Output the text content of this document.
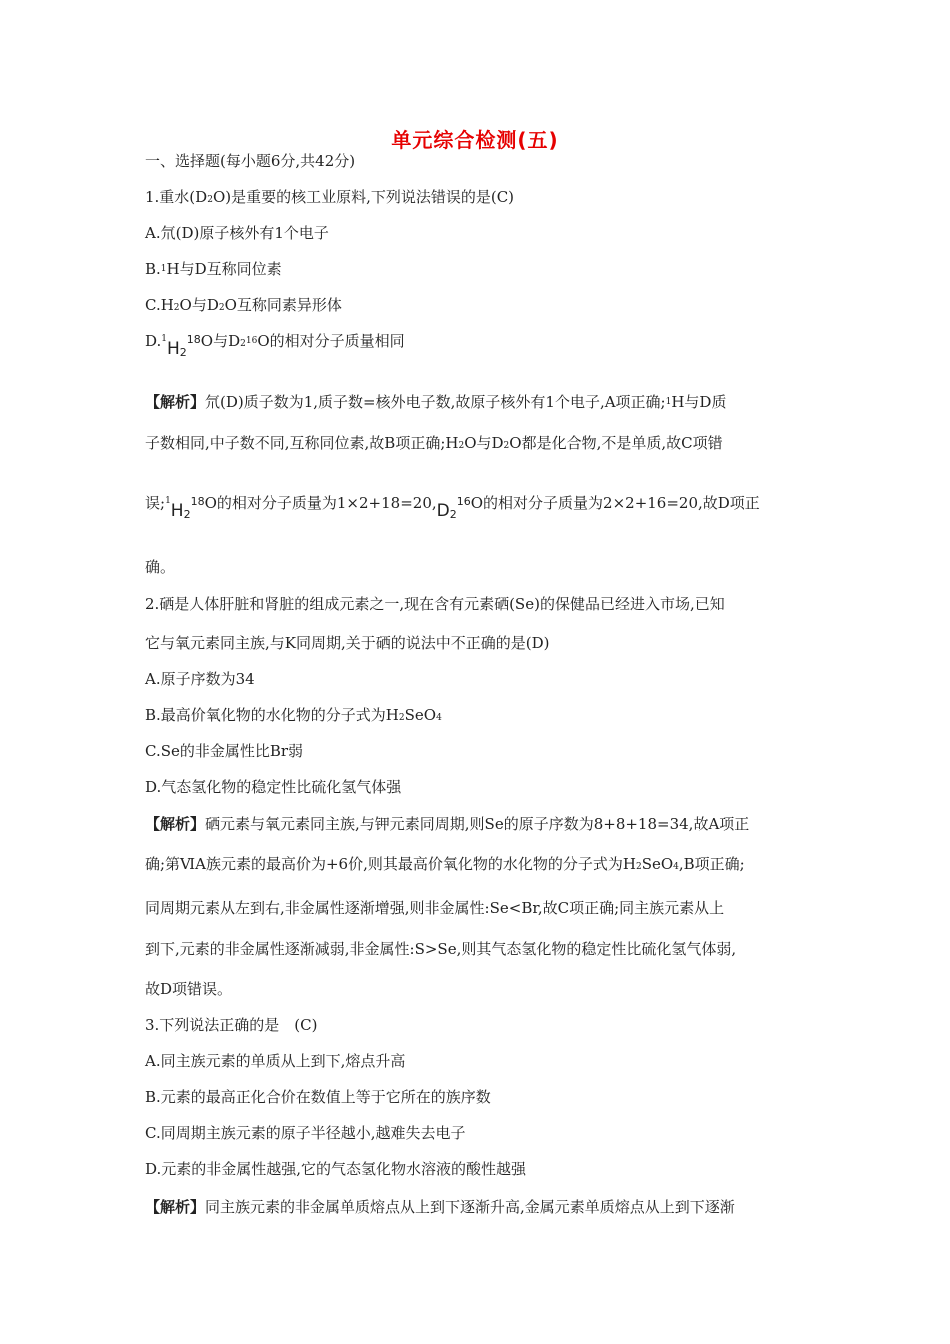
单元综合检测(五)
一、选择题(每小题6分,共42分)
1.重水(D2O)是重要的核工业原料,下列说法错误的是(C)
A.氘(D)原子核外有1个电子
B.$^1$H与D互称同位素
C.H2O与D2O互称同素异形体
$D.^1H_2^{18}O$与$D2^{16}O$的相对分子质量相同
【解析】氘(D)质子数为1,质子数=核外电子数,故原子核外有1个电子,A项正确;$^1$H与D质
子数相同,中子数不同,互称同位素,故B项正确;H2O与D2O都是化合物,不是单质,故C项错
误$;^1H_2^{18}O$的相对分子质量为$1\times 2+18=20,D_2^{16}O$的相对分子质量为2×2+16=20,故D项正
确。
2.硒是人体肝脏和肾脏的组成元素之一,现在含有元素硒(Se)的保健品已经进入市场,已知
它与氧元素同主族,与K同周期,关于硒的说法中不正确的是(D)
A.原子序数为34
B.最高价氧化物的水化物的分子式为H2SeO4
C.Se的非金属性比Br弱
D.气态氢化物的稳定性比硫化氢气体强
【解析】硒元素与氧元素同主族,与钾元素同周期,则Se的原子序数为8+8+18=34,故A项正
确;第ⅥA族元素的最高价为+6价,则其最高价氧化物的水化物的分子式为H2SeO4,B项正确;
同周期元素从左到右,非金属性逐渐增强,则非金属性:Se<Br,故C项正确;同主族元素从上
到下,元素的非金属性逐渐减弱,非金属性:S>Se,则其气态氢化物的稳定性比硫化氢气体弱,
故D项错误。
3.下列说法正确的是　(C)
A.同主族元素的单质从上到下,熔点升高
B.元素的最高正化合价在数值上等于它所在的族序数
C.同周期主族元素的原子半径越小,越难失去电子
D.元素的非金属性越强,它的气态氢化物水溶液的酸性越强
【解析】同主族元素的非金属单质熔点从上到下逐渐升高,金属元素单质熔点从上到下逐渐
